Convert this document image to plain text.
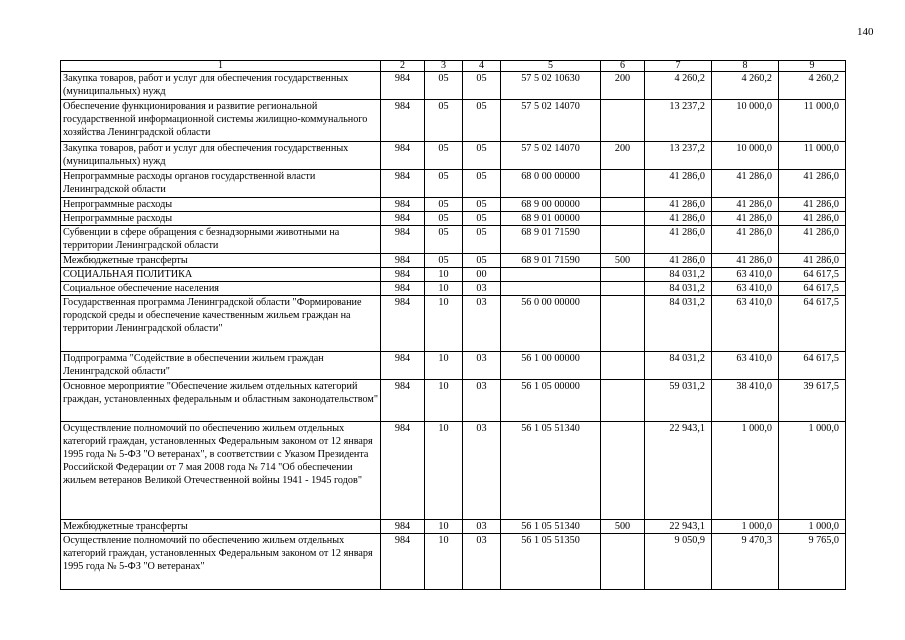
140
1	2	3	4	5	6	7	8	9
Закупка товаров, работ и услуг для обеспечения государственных (муниципальных) нужд	984	05	05	57 5 02 10630	200	4 260,2	4 260,2	4 260,2
Обеспечение функционирования и развитие региональной государственной информационной системы жилищно-коммунального хозяйства Ленинградской области	984	05	05	57 5 02 14070		13 237,2	10 000,0	11 000,0
Закупка товаров, работ и услуг для обеспечения государственных (муниципальных) нужд	984	05	05	57 5 02 14070	200	13 237,2	10 000,0	11 000,0
Непрограммные расходы органов государственной власти Ленинградской области	984	05	05	68 0 00 00000		41 286,0	41 286,0	41 286,0
Непрограммные расходы	984	05	05	68 9 00 00000		41 286,0	41 286,0	41 286,0
Непрограммные расходы	984	05	05	68 9 01 00000		41 286,0	41 286,0	41 286,0
Субвенции в сфере обращения с безнадзорными животными на территории Ленинградской области	984	05	05	68 9 01 71590		41 286,0	41 286,0	41 286,0
Межбюджетные трансферты	984	05	05	68 9 01 71590	500	41 286,0	41 286,0	41 286,0
СОЦИАЛЬНАЯ ПОЛИТИКА	984	10	00			84 031,2	63 410,0	64 617,5
Социальное обеспечение населения	984	10	03			84 031,2	63 410,0	64 617,5
Государственная программа Ленинградской области "Формирование городской среды и обеспечение качественным жильем граждан на территории Ленинградской области"	984	10	03	56 0 00 00000		84 031,2	63 410,0	64 617,5
Подпрограмма "Содействие в обеспечении жильем граждан Ленинградской области"	984	10	03	56 1 00 00000		84 031,2	63 410,0	64 617,5
Основное мероприятие "Обеспечение жильем отдельных категорий граждан, установленных федеральным и областным законодательством"	984	10	03	56 1 05 00000		59 031,2	38 410,0	39 617,5
Осуществление полномочий по обеспечению жильем отдельных категорий граждан, установленных Федеральным законом от 12 января 1995 года № 5-ФЗ "О ветеранах", в соответствии с Указом Президента Российской Федерации от 7 мая 2008 года № 714 "Об обеспечении жильем ветеранов Великой Отечественной войны 1941 - 1945 годов"	984	10	03	56 1 05 51340		22 943,1	1 000,0	1 000,0
Межбюджетные трансферты	984	10	03	56 1 05 51340	500	22 943,1	1 000,0	1 000,0
Осуществление полномочий по обеспечению жильем отдельных категорий граждан, установленных Федеральным законом от 12 января 1995 года № 5-ФЗ "О ветеранах"	984	10	03	56 1 05 51350		9 050,9	9 470,3	9 765,0
